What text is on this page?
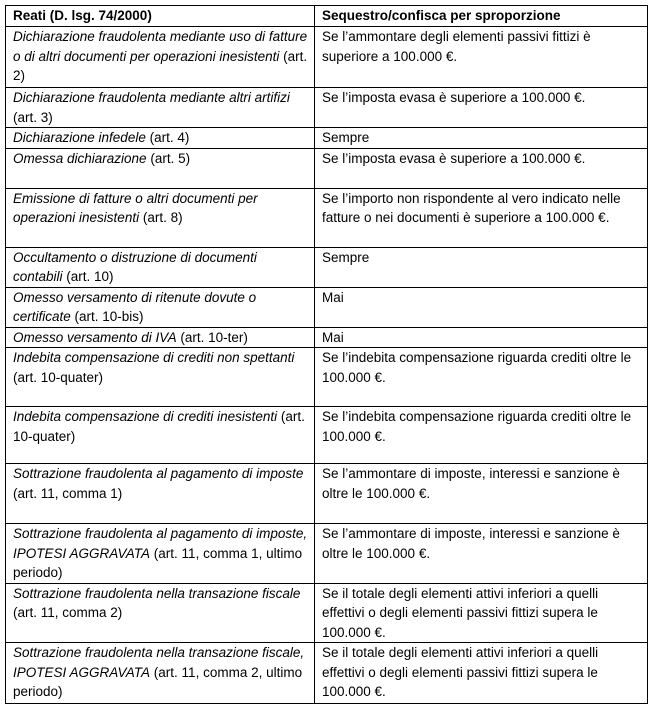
Reati (D. lsg. 74/2000)	Sequestro/confisca per sproporzione
Dichiarazione fraudolenta mediante uso di fatture o di altri documenti per operazioni inesistenti (art. 2)	Se l’ammontare degli elementi passivi fittizi è superiore a 100.000 €.
Dichiarazione fraudolenta mediante altri artifizi (art. 3)	Se l’imposta evasa è superiore a 100.000 €.
Dichiarazione infedele (art. 4)	Sempre
Omessa dichiarazione (art. 5)	Se l’imposta evasa è superiore a 100.000 €.
Emissione di fatture o altri documenti per operazioni inesistenti (art. 8)	Se l’importo non rispondente al vero indicato nelle fatture o nei documenti è superiore a 100.000 €.
Occultamento o distruzione di documenti contabili (art. 10)	Sempre
Omesso versamento di ritenute dovute o certificate (art. 10-bis)	Mai
Omesso versamento di IVA (art. 10-ter)	Mai
Indebita compensazione di crediti non spettanti (art. 10-quater)	Se l’indebita compensazione riguarda crediti oltre le 100.000 €.
Indebita compensazione di crediti inesistenti (art. 10-quater)	Se l’indebita compensazione riguarda crediti oltre le 100.000 €.
Sottrazione fraudolenta al pagamento di imposte (art. 11, comma 1)	Se l’ammontare di imposte, interessi e sanzione è oltre le 100.000 €.
Sottrazione fraudolenta al pagamento di imposte, IPOTESI AGGRAVATA (art. 11, comma 1, ultimo periodo)	Se l’ammontare di imposte, interessi e sanzione è oltre le 100.000 €.
Sottrazione fraudolenta nella transazione fiscale (art. 11, comma 2)	Se il totale degli elementi attivi inferiori a quelli effettivi o degli elementi passivi fittizi supera le 100.000 €.
Sottrazione fraudolenta nella transazione fiscale, IPOTESI AGGRAVATA (art. 11, comma 2, ultimo periodo)	Se il totale degli elementi attivi inferiori a quelli effettivi o degli elementi passivi fittizi supera le 100.000 €.
